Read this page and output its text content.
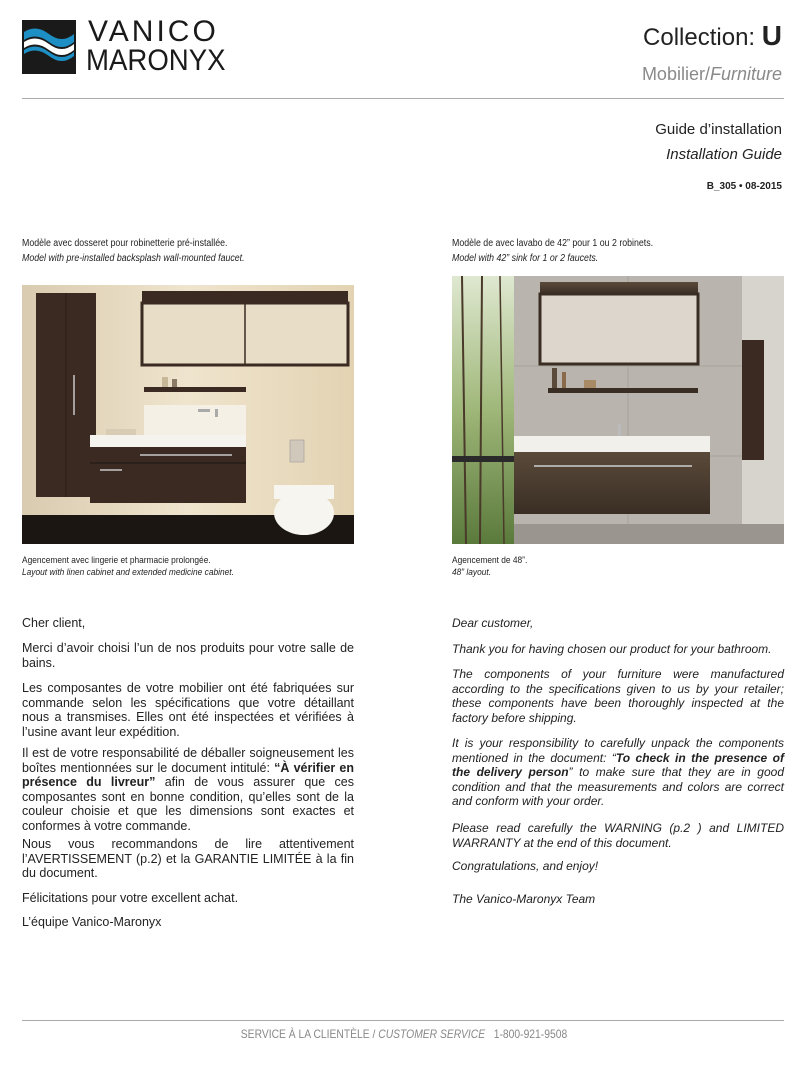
VANICO
MARONYX
Collection: U
Mobilier/Furniture
Guide d’installation
Installation Guide
B_305 • 08-2015
Modèle avec dosseret pour robinetterie pré-installée.
Model with pre-installed backsplash wall-mounted faucet.
Modèle de avec lavabo de 42” pour 1 ou 2 robinets.
Model with 42” sink for 1 or 2 faucets.
Agencement avec lingerie et pharmacie prolongée.
Layout with linen cabinet and extended medicine cabinet.
Agencement de 48”.
48” layout.

Cher client,

Merci d’avoir choisi l’un de nos produits pour votre salle de bains.

Les composantes de votre mobilier ont été fabriquées sur commande selon les spécifications que votre détaillant nous a transmises. Elles ont été inspectées et vérifiées à l’usine avant leur expédition.

Il est de votre responsabilité de déballer soigneusement les boîtes mentionnées sur le document intitulé: “À vérifier en présence du livreur” afin de vous assurer que ces composantes sont en bonne condition, qu’elles sont de la couleur choisie et que les dimensions sont exactes et conformes à votre commande.

Nous vous recommandons de lire attentivement l’AVERTISSEMENT (p.2) et la GARANTIE LIMITÉE à la fin du document.

Félicitations pour votre excellent achat.

L’équipe Vanico-Maronyx

Dear customer,

Thank you for having chosen our product for your bathroom.

The components of your furniture were manufactured according to the specifications given to us by your retailer; these components have been thoroughly inspected at the factory before shipping.

It is your responsibility to carefully unpack the components mentioned in the document: “To check in the presence of the delivery person” to make sure that they are in good condition and that the measurements and colors are correct and conform with your order.

Please read carefully the WARNING (p.2 ) and LIMITED WARRANTY at the end of this document.

Congratulations, and enjoy!

The Vanico-Maronyx Team

SERVICE À LA CLIENTÈLE / CUSTOMER SERVICE 1-800-921-9508
